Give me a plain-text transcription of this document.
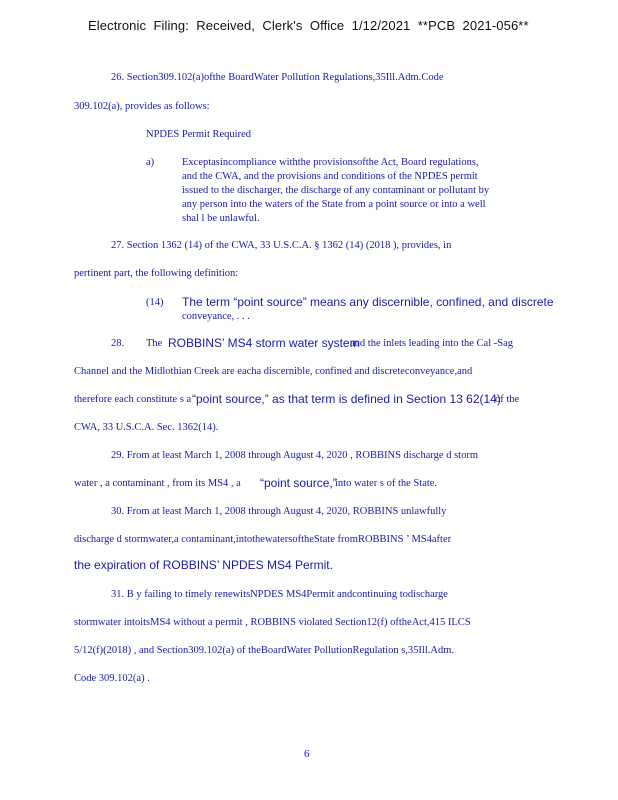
Electronic  Filing:  Received,  Clerk's  Office  1/12/2021  **PCB  2021-056**
26. Section309.102(a)ofthe BoardWater Pollution Regulations,35Ill.Adm.Code
309.102(a), provides as follows:
NPDES Permit Required
a)	Exceptasincompliance withthe provisionsofthe Act, Board regulations,
and the CWA, and the provisions and conditions of the NPDES permit
issued to the discharger, the discharge of any contaminant or pollutant by
any person into the waters of the State from a point source or into a well
shal l be unlawful.
27. Section 1362 (14) of the CWA, 33 U.S.C.A. § 1362 (14) (2018 ), provides, in
pertinent part, the following definition:
(14) The term “point source” means any discernible, confined, and discrete
conveyance, . . .
28. The ROBBINS’ MS4 storm water system
and the inlets leading into the Cal -Sag
Channel and the Midlothian Creek are eacha discernible, confined and discreteconveyance,and
therefore each constitute s a “point source,” as that term is defined in Section 13 62(14)
of the
CWA, 33 U.S.C.A. Sec. 1362(14).
29. From at least March 1, 2008 through August 4, 2020 , ROBBINS discharge d storm
water , a contaminant , from its MS4 , a “point source,”
into water s of the State.
30. From at least March 1, 2008 through August 4, 2020, ROBBINS unlawfully
discharge d stormwater,a contaminant,intothewatersoftheState fromROBBINS ’ MS4after
the expiration of ROBBINS’ NPDES MS4 Permit.
31. B y failing to timely renewitsNPDES MS4Permit andcontinuing todischarge
stormwater intoitsMS4 without a permit , ROBBINS violated Section12(f) oftheAct,415 ILCS
5/12(f)(2018) , and Section309.102(a) of theBoardWater PollutionRegulation s,35Ill.Adm.
Code 309.102(a) .
6
